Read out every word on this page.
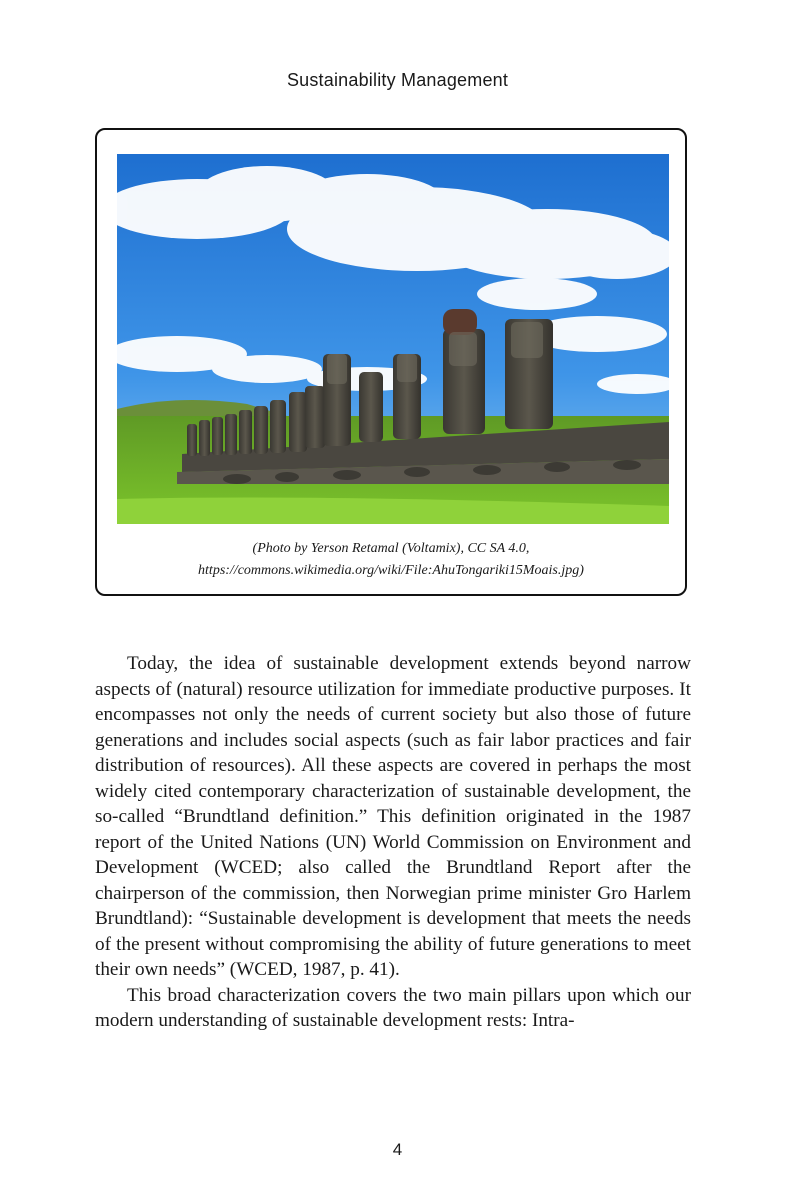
Sustainability Management
(Photo by Yerson Retamal (Voltamix), CC SA 4.0,
https://commons.wikimedia.org/wiki/File:AhuTongariki15Moais.jpg)

Today, the idea of sustainable development extends beyond narrow aspects of (natural) resource utilization for immediate productive purposes. It encompasses not only the needs of current society but also those of future generations and includes social aspects (such as fair labor practices and fair distribution of resources). All these aspects are covered in perhaps the most widely cited contemporary characterization of sustainable development, the so-called “Brundtland definition.” This definition originated in the 1987 report of the United Nations (UN) World Commission on Environment and Development (WCED; also called the Brundtland Report after the chairperson of the commission, then Norwegian prime minister Gro Harlem Brundtland): “Sustainable development is development that meets the needs of the present without compromising the ability of future generations to meet their own needs” (WCED, 1987, p. 41).

This broad characterization covers the two main pillars upon which our modern understanding of sustainable development rests: Intra-

4
